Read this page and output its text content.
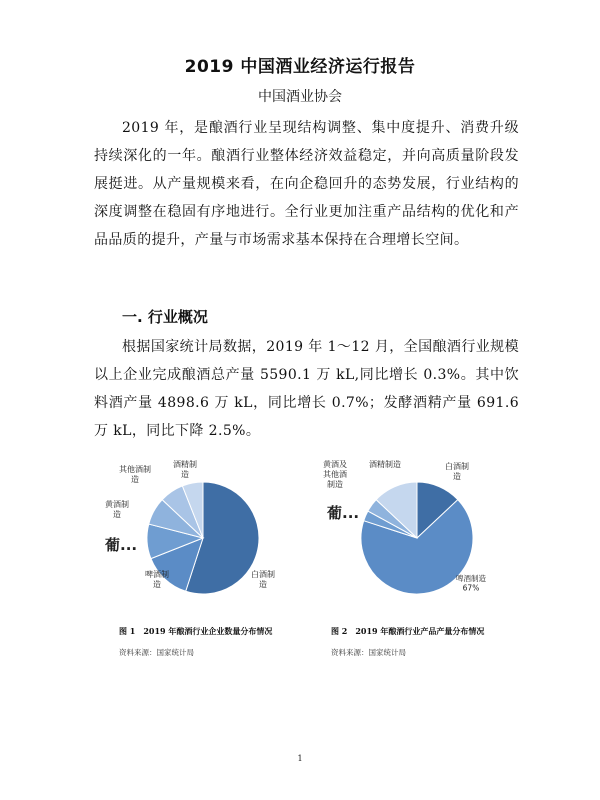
2019 中国酒业经济运行报告
中国酒业协会

2019 年，是酿酒行业呈现结构调整、集中度提升、消费升级持续深化的一年。酿酒行业整体经济效益稳定，并向高质量阶段发展挺进。从产量规模来看，在向企稳回升的态势发展，行业结构的深度调整在稳固有序地进行。全行业更加注重产品结构的优化和产品品质的提升，产量与市场需求基本保持在合理增长空间。

一. 行业概况

根据国家统计局数据，2019 年 1～12 月，全国酿酒行业规模以上企业完成酿酒总产量 5590.1 万 kL,同比增长 0.3%。其中饮料酒产量 4898.6 万 kL，同比增长 0.7%；发酵酒精产量 691.6 万 kL，同比下降 2.5%。

白酒制造
啤酒制造
葡...
黄酒制造
其他酒制造
酒精制造
白酒制造
啤酒制造 67%
葡...
黄酒及其他酒制造
酒精制造
图 1　2019 年酿酒行业企业数量分布情况	图 2　2019 年酿酒行业产品产量分布情况
资料来源：国家统计局	资料来源：国家统计局
1
